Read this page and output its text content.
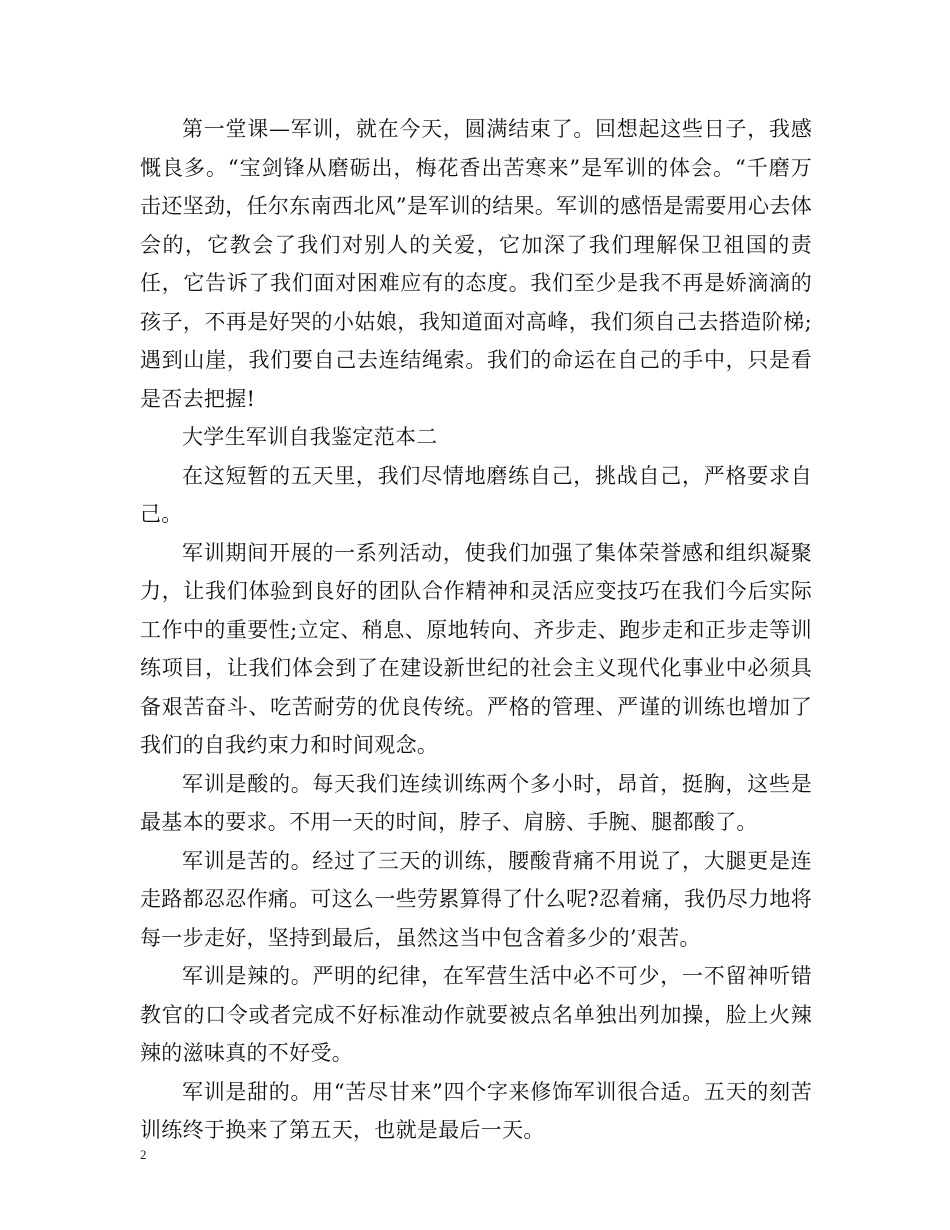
第一堂课—军训，就在今天，圆满结束了。回想起这些日子，我感慨良多。“宝剑锋从磨砺出，梅花香出苦寒来”是军训的体会。“千磨万击还坚劲，任尔东南西北风”是军训的结果。军训的感悟是需要用心去体会的，它教会了我们对别人的关爱，它加深了我们理解保卫祖国的责任，它告诉了我们面对困难应有的态度。我们至少是我不再是娇滴滴的孩子，不再是好哭的小姑娘，我知道面对高峰，我们须自己去搭造阶梯;遇到山崖，我们要自己去连结绳索。我们的命运在自己的手中，只是看是否去把握!

大学生军训自我鉴定范本二

在这短暂的五天里，我们尽情地磨练自己，挑战自己，严格要求自己。

军训期间开展的一系列活动，使我们加强了集体荣誉感和组织凝聚力，让我们体验到良好的团队合作精神和灵活应变技巧在我们今后实际工作中的重要性;立定、稍息、原地转向、齐步走、跑步走和正步走等训练项目，让我们体会到了在建设新世纪的社会主义现代化事业中必须具备艰苦奋斗、吃苦耐劳的优良传统。严格的管理、严谨的训练也增加了我们的自我约束力和时间观念。

军训是酸的。每天我们连续训练两个多小时，昂首，挺胸，这些是最基本的要求。不用一天的时间，脖子、肩膀、手腕、腿都酸了。

军训是苦的。经过了三天的训练，腰酸背痛不用说了，大腿更是连走路都忍忍作痛。可这么一些劳累算得了什么呢?忍着痛，我仍尽力地将每一步走好，坚持到最后，虽然这当中包含着多少的’艰苦。

军训是辣的。严明的纪律，在军营生活中必不可少，一不留神听错教官的口令或者完成不好标准动作就要被点名单独出列加操，脸上火辣辣的滋味真的不好受。

军训是甜的。用“苦尽甘来”四个字来修饰军训很合适。五天的刻苦训练终于换来了第五天，也就是最后一天。

2
